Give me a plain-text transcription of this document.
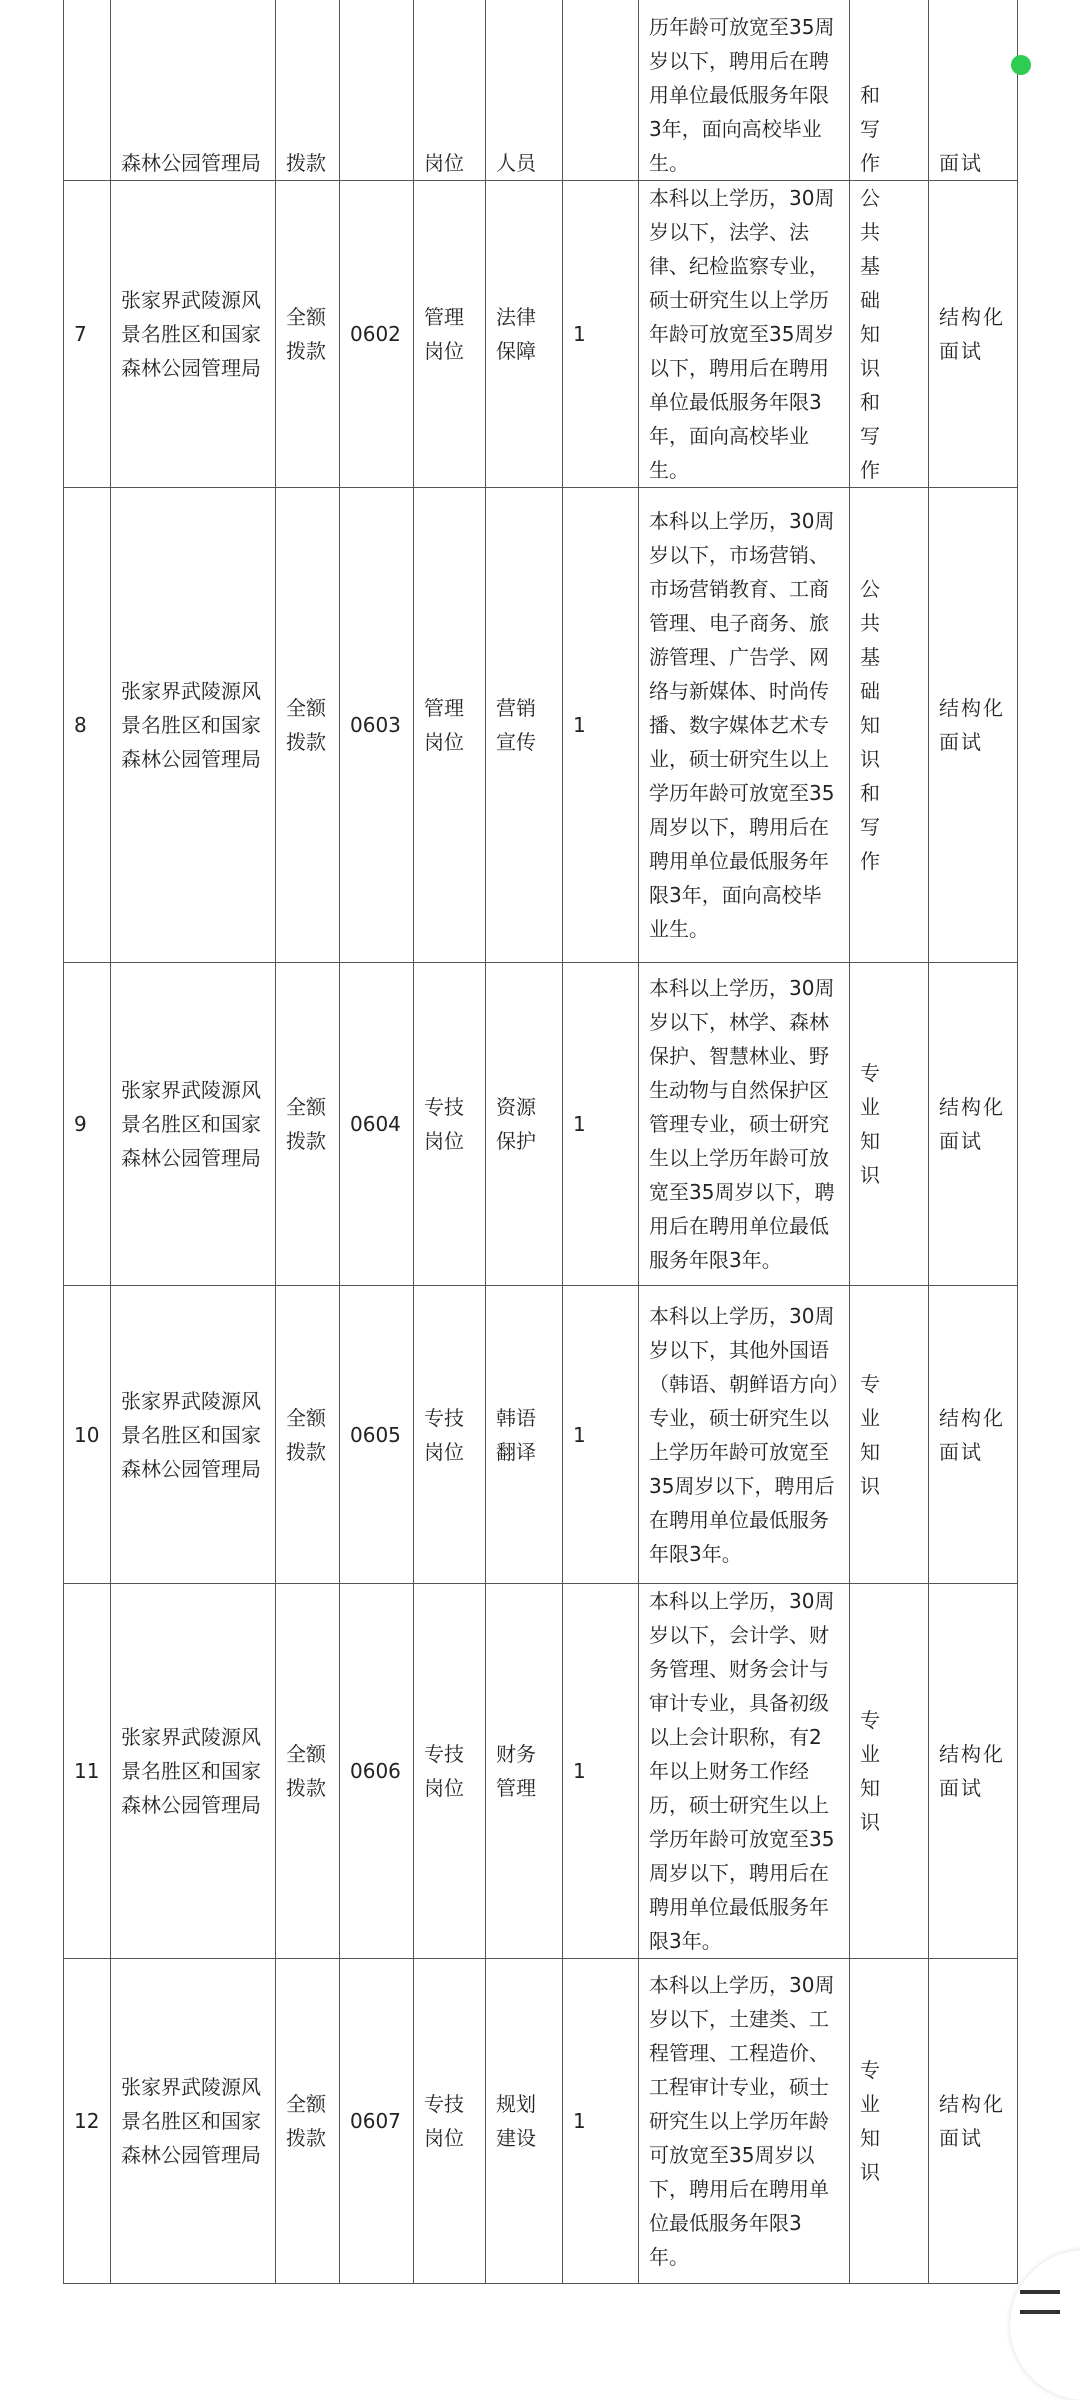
	森林公园管理局	拨款		岗位	人员		历年龄可放宽至35周岁以下，聘用后在聘用单位最低服务年限3年，面向高校毕业生。	和写作	面试
7	张家界武陵源风景名胜区和国家森林公园管理局	全额拨款	0602	管理岗位	法律保障	1	本科以上学历，30周岁以下，法学、法律、纪检监察专业，硕士研究生以上学历年龄可放宽至35周岁以下，聘用后在聘用单位最低服务年限3年，面向高校毕业生。	公共基础知识和写作	结构化面试
8	张家界武陵源风景名胜区和国家森林公园管理局	全额拨款	0603	管理岗位	营销宣传	1	本科以上学历，30周岁以下，市场营销、市场营销教育、工商管理、电子商务、旅游管理、广告学、网络与新媒体、时尚传播、数字媒体艺术专业，硕士研究生以上学历年龄可放宽至35周岁以下，聘用后在聘用单位最低服务年限3年，面向高校毕业生。	公共基础知识和写作	结构化面试
9	张家界武陵源风景名胜区和国家森林公园管理局	全额拨款	0604	专技岗位	资源保护	1	本科以上学历，30周岁以下，林学、森林保护、智慧林业、野生动物与自然保护区管理专业，硕士研究生以上学历年龄可放宽至35周岁以下，聘用后在聘用单位最低服务年限3年。	专业知识	结构化面试
10	张家界武陵源风景名胜区和国家森林公园管理局	全额拨款	0605	专技岗位	韩语翻译	1	本科以上学历，30周岁以下，其他外国语（韩语、朝鲜语方向）专业，硕士研究生以上学历年龄可放宽至35周岁以下，聘用后在聘用单位最低服务年限3年。	专业知识	结构化面试
11	张家界武陵源风景名胜区和国家森林公园管理局	全额拨款	0606	专技岗位	财务管理	1	本科以上学历，30周岁以下，会计学、财务管理、财务会计与审计专业，具备初级以上会计职称，有2年以上财务工作经历，硕士研究生以上学历年龄可放宽至35周岁以下，聘用后在聘用单位最低服务年限3年。	专业知识	结构化面试
12	张家界武陵源风景名胜区和国家森林公园管理局	全额拨款	0607	专技岗位	规划建设	1	本科以上学历，30周岁以下，土建类、工程管理、工程造价、工程审计专业，硕士研究生以上学历年龄可放宽至35周岁以下，聘用后在聘用单位最低服务年限3年。	专业知识	结构化面试
